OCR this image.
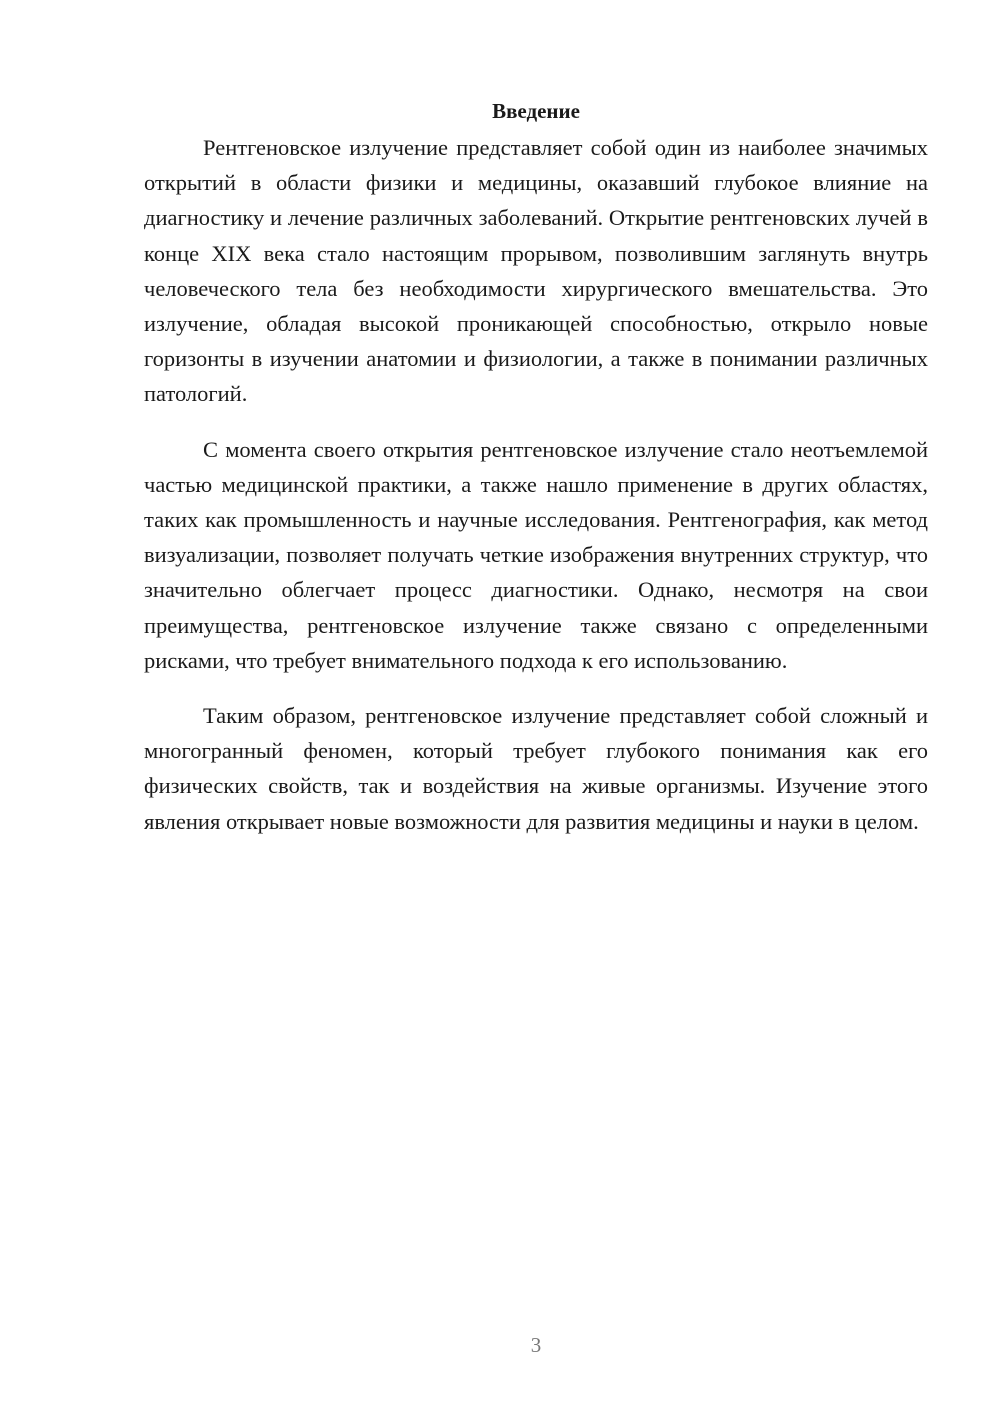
Введение

Рентгеновское излучение представляет собой один из наиболее значимых открытий в области физики и медицины, оказавший глубокое влияние на диагностику и лечение различных заболеваний. Открытие рентгеновских лучей в конце XIX века стало настоящим прорывом, позволившим заглянуть внутрь человеческого тела без необходимости хирургического вмешательства. Это излучение, обладая высокой проникающей способностью, открыло новые горизонты в изучении анатомии и физиологии, а также в понимании различных патологий.

С момента своего открытия рентгеновское излучение стало неотъемлемой частью медицинской практики, а также нашло применение в других областях, таких как промышленность и научные исследования. Рентгенография, как метод визуализации, позволяет получать четкие изображения внутренних структур, что значительно облегчает процесс диагностики. Однако, несмотря на свои преимущества, рентгеновское излучение также связано с определенными рисками, что требует внимательного подхода к его использованию.

Таким образом, рентгеновское излучение представляет собой сложный и многогранный феномен, который требует глубокого понимания как его физических свойств, так и воздействия на живые организмы. Изучение этого явления открывает новые возможности для развития медицины и науки в целом.

3
